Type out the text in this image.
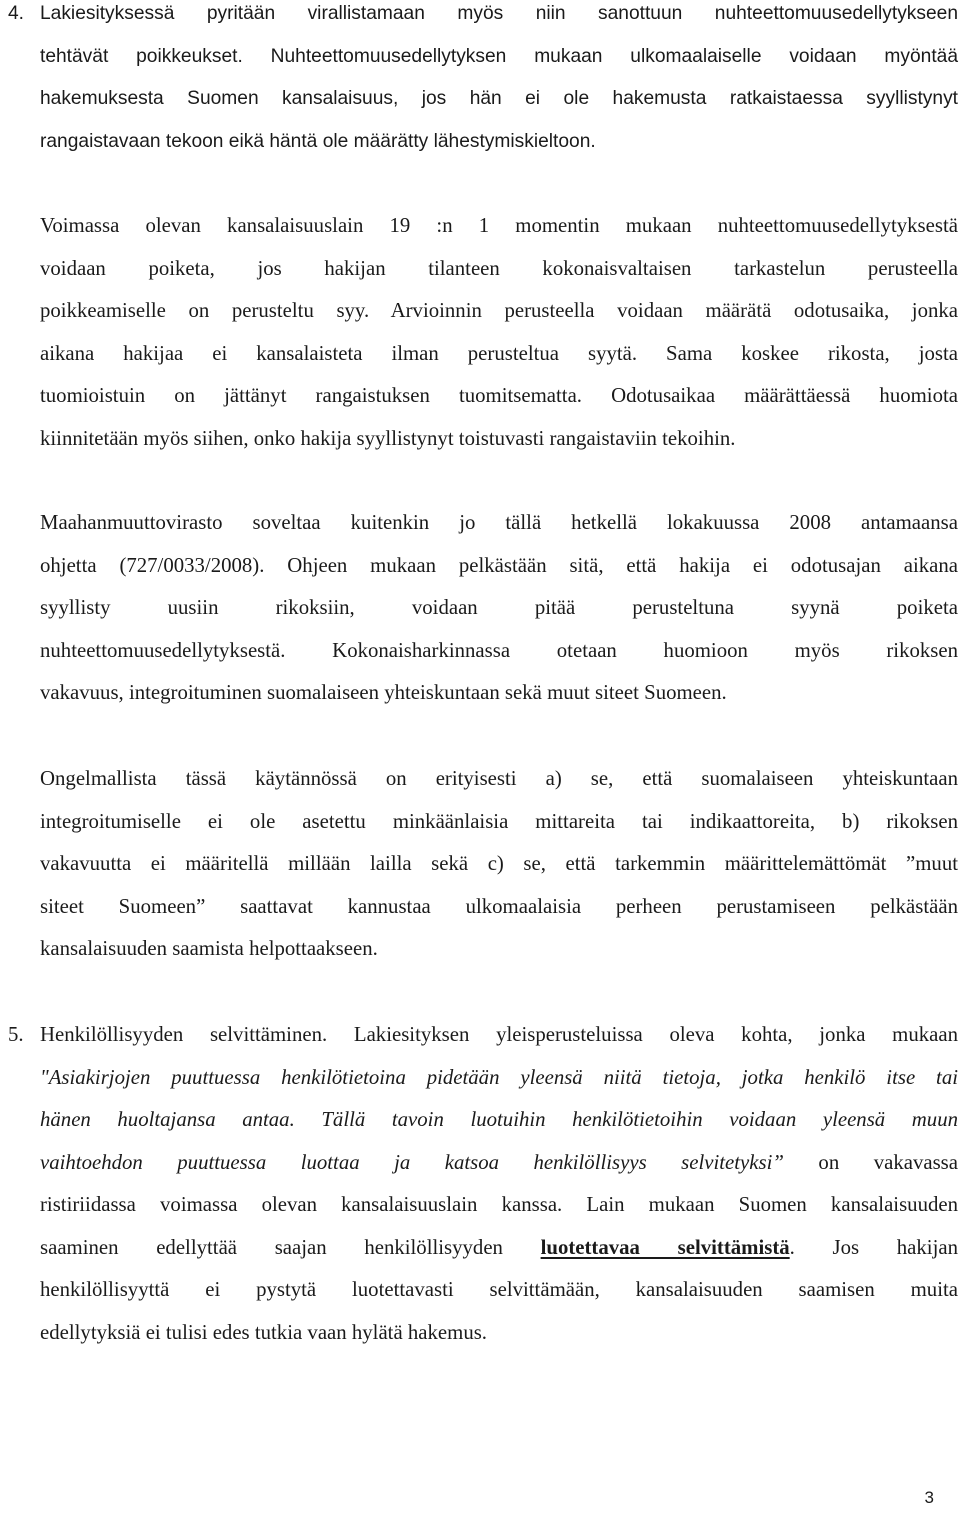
4. Lakiesityksessä pyritään virallistamaan myös niin sanottuun nuhteettomuusedellytykseen
tehtävät poikkeukset. Nuhteettomuusedellytyksen mukaan ulkomaalaiselle voidaan myöntää
hakemuksesta Suomen kansalaisuus, jos hän ei ole hakemusta ratkaistaessa syyllistynyt
rangaistavaan tekoon eikä häntä ole määrätty lähestymiskieltoon.
Voimassa olevan kansalaisuuslain 19 :n 1 momentin mukaan nuhteettomuusedellytyksestä
voidaan poiketa, jos hakijan tilanteen kokonaisvaltaisen tarkastelun perusteella
poikkeamiselle on perusteltu syy. Arvioinnin perusteella voidaan määrätä odotusaika, jonka
aikana hakijaa ei kansalaisteta ilman perusteltua syytä. Sama koskee rikosta, josta
tuomioistuin on jättänyt rangaistuksen tuomitsematta. Odotusaikaa määrättäessä huomiota
kiinnitetään myös siihen, onko hakija syyllistynyt toistuvasti rangaistaviin tekoihin.
Maahanmuuttovirasto soveltaa kuitenkin jo tällä hetkellä lokakuussa 2008 antamaansa
ohjetta (727/0033/2008). Ohjeen mukaan pelkästään sitä, että hakija ei odotusajan aikana
syyllisty uusiin rikoksiin, voidaan pitää perusteltuna syynä poiketa
nuhteettomuusedellytyksestä. Kokonaisharkinnassa otetaan huomioon myös rikoksen
vakavuus, integroituminen suomalaiseen yhteiskuntaan sekä muut siteet Suomeen.
Ongelmallista tässä käytännössä on erityisesti a) se, että suomalaiseen yhteiskuntaan
integroitumiselle ei ole asetettu minkäänlaisia mittareita tai indikaattoreita, b) rikoksen
vakavuutta ei määritellä millään lailla sekä c) se, että tarkemmin määrittelemättömät ”muut
siteet Suomeen” saattavat kannustaa ulkomaalaisia perheen perustamiseen pelkästään
kansalaisuuden saamista helpottaakseen.
5. Henkilöllisyyden selvittäminen. Lakiesityksen yleisperusteluissa oleva kohta, jonka mukaan
"Asiakirjojen puuttuessa henkilötietoina pidetään yleensä niitä tietoja, jotka henkilö itse tai
hänen huoltajansa antaa. Tällä tavoin luotuihin henkilötietoihin voidaan yleensä muun
vaihtoehdon puuttuessa luottaa ja katsoa henkilöllisyys selvitetyksi” on vakavassa
ristiriidassa voimassa olevan kansalaisuuslain kanssa. Lain mukaan Suomen kansalaisuuden
saaminen edellyttää saajan henkilöllisyyden luotettavaa selvittämistä. Jos hakijan
henkilöllisyyttä ei pystytä luotettavasti selvittämään, kansalaisuuden saamisen muita
edellytyksiä ei tulisi edes tutkia vaan hylätä hakemus.
3
